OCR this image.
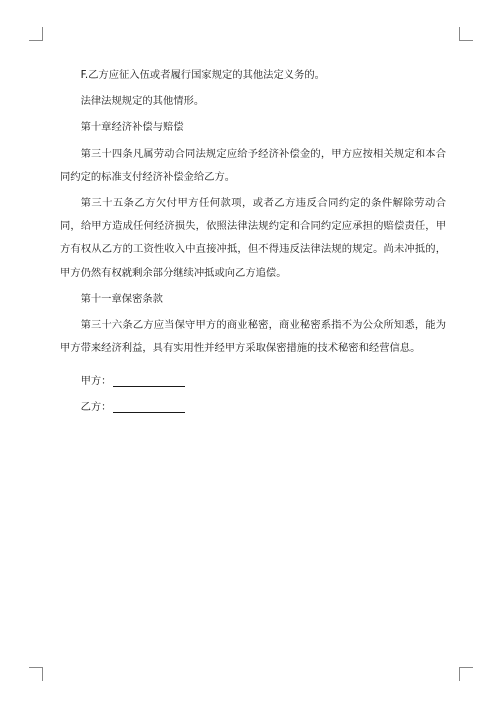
F.乙方应征入伍或者履行国家规定的其他法定义务的。

法律法规规定的其他情形。

第十章经济补偿与赔偿

第三十四条凡属劳动合同法规定应给予经济补偿金的，甲方应按相关规定和本合同约定的标准支付经济补偿金给乙方。

第三十五条乙方欠付甲方任何款项，或者乙方违反合同约定的条件解除劳动合同，给甲方造成任何经济损失，依照法律法规约定和合同约定应承担的赔偿责任，甲方有权从乙方的工资性收入中直接冲抵，但不得违反法律法规的规定。尚未冲抵的，甲方仍然有权就剩余部分继续冲抵或向乙方追偿。

第十一章保密条款

第三十六条乙方应当保守甲方的商业秘密，商业秘密系指不为公众所知悉，能为甲方带来经济利益，具有实用性并经甲方采取保密措施的技术秘密和经营信息。

甲方：
乙方：
